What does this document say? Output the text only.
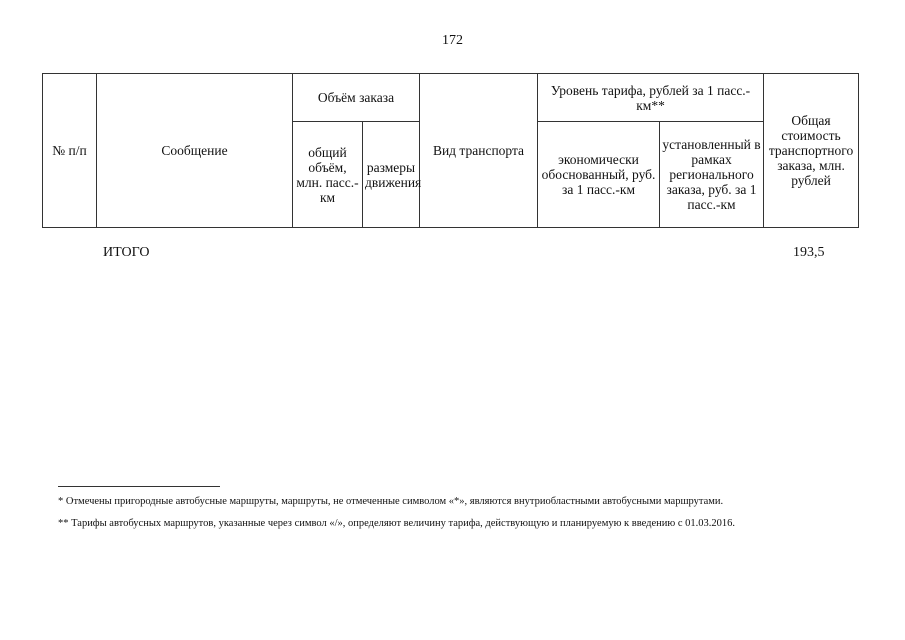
172
№ п/п	Сообщение	Объём заказа		Вид транспорта	Уровень тарифа, рублей за 1 пасс.-км**		Общая стоимость транспортного заказа, млн. рублей
		общий объём, млн. пасс.-км	размеры движения		экономически обоснованный, руб. за 1 пасс.-км	установленный в рамках регионального заказа, руб. за 1 пасс.-км	
ИТОГО	193,5
* Отмечены пригородные автобусные маршруты, маршруты, не отмеченные символом «*», являются внутриобластными автобусными маршрутами.
** Тарифы автобусных маршрутов, указанные через символ «/», определяют величину тарифа, действующую и планируемую к введению с 01.03.2016.
